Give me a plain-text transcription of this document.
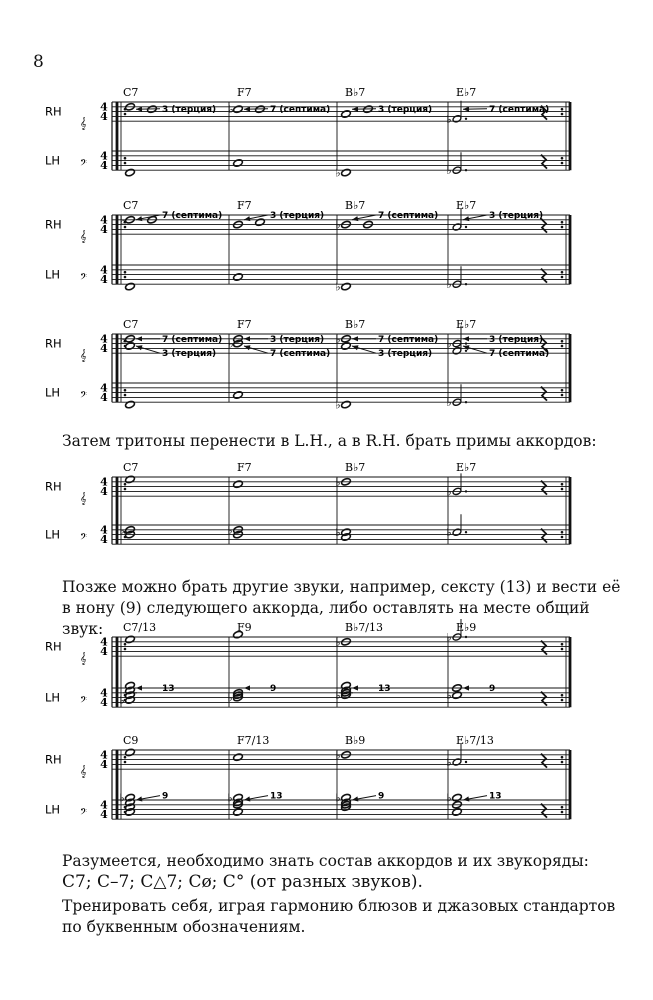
8
𝄞
𝄢
4
4
4
4
RH
LH
C7	F7	B♭7	E♭7
𝄞
𝄢
4
4
4
4
RH
LH
C7	F7	B♭7	E♭7
𝄞
𝄢
4
4
4
4
RH
LH
C7	F7	B♭7	E♭7
𝄞
𝄢
4
4
4
4
RH
LH
C7	F7	B♭7	E♭7
𝄞
𝄢
4
4
4
4
RH
LH
C7/13	F9	B♭7/13	E♭9
𝄞
𝄢
4
4
4
4
RH
LH
C9	F7/13	B♭9	E♭7/13
♭
♭
♭	♭
♭	♭
♭	♭
♭	♭	♭	♭
♭	♭
♭
♭
♭	♭	♭	♭
♭	♭
♭	♭	♭	♭
♭
♭
♭	♭	♭	♭
3 (терция)	7 (септима)	3 (терция)	7 (септима)
7 (септима)	3 (терция)	7 (септима)	3 (терция)
7 (септима)	3 (терция)	7 (септима)	3 (терция)
3 (терция)	7 (септима)	3 (терция)	7 (септима)
13	9	13	9
9	13	9	13
Затем тритоны перенести в L.H., а в R.H. брать примы аккордов:
Позже можно брать другие звуки, например, сексту (13) и вести её в нону (9) следующего аккорда, либо оставлять на месте общий звук:
Разумеется, необходимо знать состав аккордов и их звукоряды:
C7; C–7; C△7; Cø; C° (от разных звуков).
Тренировать себя, играя гармонию блюзов и джазовых стандартов по буквенным обозначениям.
